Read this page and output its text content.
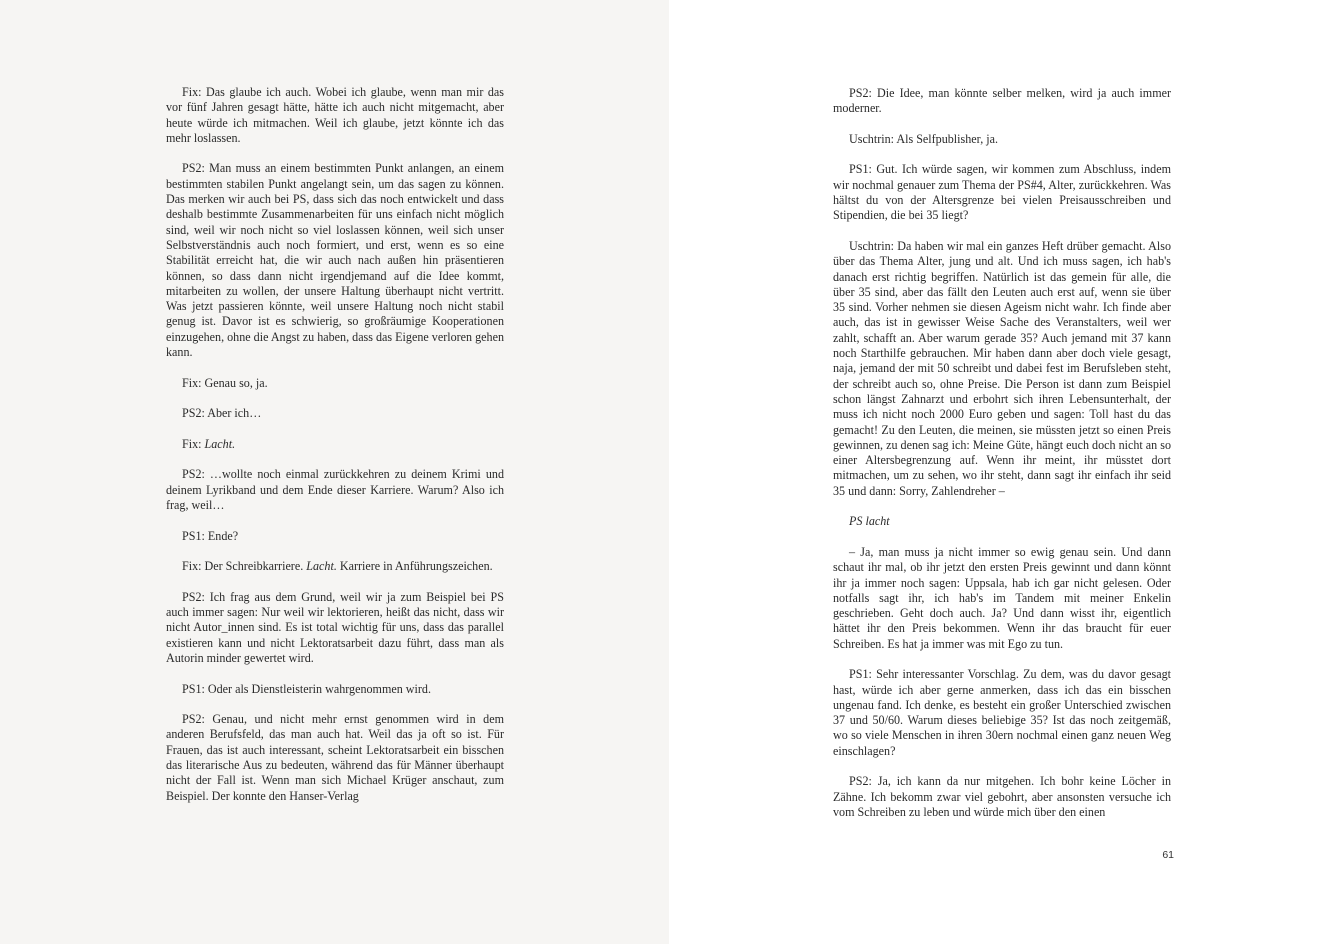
Fix: Das glaube ich auch. Wobei ich glaube, wenn man mir das vor fünf Jahren gesagt hätte, hätte ich auch nicht mitgemacht, aber heute würde ich mitmachen. Weil ich glaube, jetzt könnte ich das mehr loslassen.

PS2: Man muss an einem bestimmten Punkt anlangen, an einem bestimmten stabilen Punkt angelangt sein, um das sagen zu können. Das merken wir auch bei PS, dass sich das noch entwickelt und dass deshalb bestimmte Zusammenarbeiten für uns einfach nicht möglich sind, weil wir noch nicht so viel loslassen können, weil sich unser Selbstverständnis auch noch formiert, und erst, wenn es so eine Stabilität erreicht hat, die wir auch nach außen hin präsentieren können, so dass dann nicht irgendjemand auf die Idee kommt, mitarbeiten zu wollen, der unsere Haltung überhaupt nicht vertritt. Was jetzt passieren könnte, weil unsere Haltung noch nicht stabil genug ist. Davor ist es schwierig, so großräumige Kooperationen einzugehen, ohne die Angst zu haben, dass das Eigene verloren gehen kann.

Fix: Genau so, ja.

PS2: Aber ich…

Fix: Lacht.

PS2: …wollte noch einmal zurückkehren zu deinem Krimi und deinem Lyrikband und dem Ende dieser Karriere. Warum? Also ich frag, weil…

PS1: Ende?

Fix: Der Schreibkarriere. Lacht. Karriere in Anführungszeichen.

PS2: Ich frag aus dem Grund, weil wir ja zum Beispiel bei PS auch immer sagen: Nur weil wir lektorieren, heißt das nicht, dass wir nicht Autor_innen sind. Es ist total wichtig für uns, dass das parallel existieren kann und nicht Lektoratsarbeit dazu führt, dass man als Autorin minder gewertet wird.

PS1: Oder als Dienstleisterin wahrgenommen wird.

PS2: Genau, und nicht mehr ernst genommen wird in dem anderen Berufsfeld, das man auch hat. Weil das ja oft so ist. Für Frauen, das ist auch interessant, scheint Lektoratsarbeit ein bisschen das literarische Aus zu bedeuten, während das für Männer überhaupt nicht der Fall ist. Wenn man sich Michael Krüger anschaut, zum Beispiel. Der konnte den Hanser-Verlag

PS2: Die Idee, man könnte selber melken, wird ja auch immer moderner.

Uschtrin: Als Selfpublisher, ja.

PS1: Gut. Ich würde sagen, wir kommen zum Abschluss, indem wir nochmal genauer zum Thema der PS#4, Alter, zurückkehren. Was hältst du von der Altersgrenze bei vielen Preisausschreiben und Stipendien, die bei 35 liegt?

Uschtrin: Da haben wir mal ein ganzes Heft drüber gemacht. Also über das Thema Alter, jung und alt. Und ich muss sagen, ich hab's danach erst richtig begriffen. Natürlich ist das gemein für alle, die über 35 sind, aber das fällt den Leuten auch erst auf, wenn sie über 35 sind. Vorher nehmen sie diesen Ageism nicht wahr. Ich finde aber auch, das ist in gewisser Weise Sache des Veranstalters, weil wer zahlt, schafft an. Aber warum gerade 35? Auch jemand mit 37 kann noch Starthilfe gebrauchen. Mir haben dann aber doch viele gesagt, naja, jemand der mit 50 schreibt und dabei fest im Berufsleben steht, der schreibt auch so, ohne Preise. Die Person ist dann zum Beispiel schon längst Zahnarzt und erbohrt sich ihren Lebensunterhalt, der muss ich nicht noch 2000 Euro geben und sagen: Toll hast du das gemacht! Zu den Leuten, die meinen, sie müssten jetzt so einen Preis gewinnen, zu denen sag ich: Meine Güte, hängt euch doch nicht an so einer Altersbegrenzung auf. Wenn ihr meint, ihr müsstet dort mitmachen, um zu sehen, wo ihr steht, dann sagt ihr einfach ihr seid 35 und dann: Sorry, Zahlendreher –

PS lacht

– Ja, man muss ja nicht immer so ewig genau sein. Und dann schaut ihr mal, ob ihr jetzt den ersten Preis gewinnt und dann könnt ihr ja immer noch sagen: Uppsala, hab ich gar nicht gelesen. Oder notfalls sagt ihr, ich hab's im Tandem mit meiner Enkelin geschrieben. Geht doch auch. Ja? Und dann wisst ihr, eigentlich hättet ihr den Preis bekommen. Wenn ihr das braucht für euer Schreiben. Es hat ja immer was mit Ego zu tun.

PS1: Sehr interessanter Vorschlag. Zu dem, was du davor gesagt hast, würde ich aber gerne anmerken, dass ich das ein bisschen ungenau fand. Ich denke, es besteht ein großer Unterschied zwischen 37 und 50/60. Warum dieses beliebige 35? Ist das noch zeitgemäß, wo so viele Menschen in ihren 30ern nochmal einen ganz neuen Weg einschlagen?

PS2: Ja, ich kann da nur mitgehen. Ich bohr keine Löcher in Zähne. Ich bekomm zwar viel gebohrt, aber ansonsten versuche ich vom Schreiben zu leben und würde mich über den einen

61
